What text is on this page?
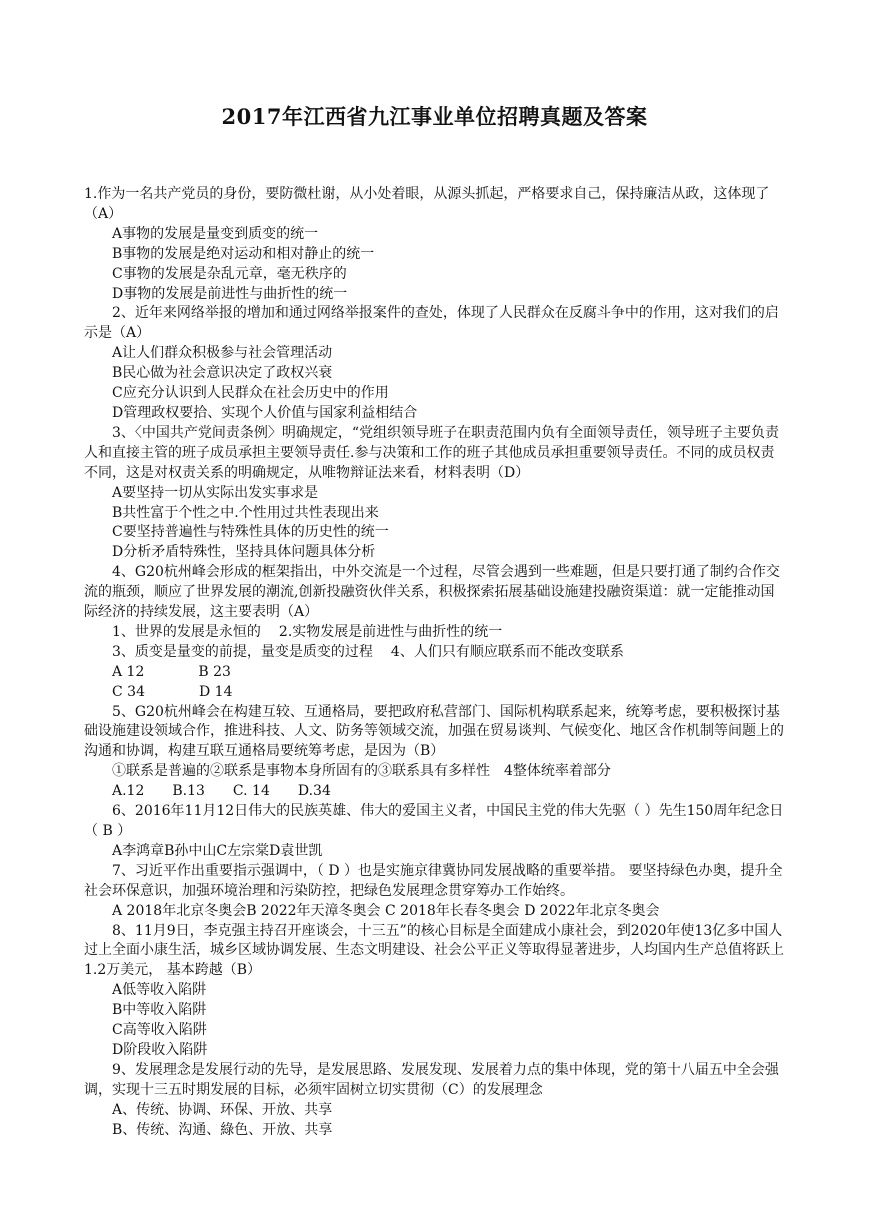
2017年江西省九江事业单位招聘真题及答案

1.作为一名共产党员的身份，要防微杜谢，从小处着眼，从源头抓起，严格要求自己，保持廉洁从政，这体现了（A）

A事物的发展是量变到质变的统一

B事物的发展是绝对运动和相对静止的统一

C事物的发展是杂乱元章，毫无秩序的

D事物的发展是前进性与曲折性的统一

2、近年来网络举报的增加和通过网络举报案件的查处，体现了人民群众在反腐斗争中的作用，这对我们的启示是（A）

A让人们群众积极参与社会管理活动

B民心做为社会意识决定了政权兴衰

C应充分认识到人民群众在社会历史中的作用

D管理政权要拾、实现个人价值与国家利益相结合

3、〈中国共产党间责条例〉明确规定，“党组织领导班子在职责范围内负有全面领导责任，领导班子主要负责人和直接主管的班子成员承担主要领导责任.参与决策和工作的班子其他成员承担重要领导责任。不同的成员权责不同，这是对权责关系的明确规定，从唯物辩证法来看，材料表明（D）

A要坚持一切从实际出发实事求是

B共性富于个性之中.个性用过共性表现出来

C要坚持普遍性与特殊性具体的历史性的统一

D分析矛盾特殊性，坚持具体问题具体分析

4、G20杭州峰会形成的框架指出，中外交流是一个过程，尽管会遇到一些难题，但是只要打通了制约合作交流的瓶颈，顺应了世界发展的潮流,创新投融资伙伴关系，积极探索拓展基础设施建投融资渠道：就一定能推动国际经济的持续发展，这主要表明（A）

1、世界的发展是永恒的 2.实物发展是前进性与曲折性的统一

3、质变是量变的前提，量变是质变的过程 4、人们只有顺应联系而不能改变联系

A 12	B 23

C 34	D 14

5、G20杭州峰会在构建互较、互通格局，要把政府私营部门、国际机构联系起来，统筹考虑，要积极探讨基础设施建设领域合作，推进科技、人文、防务等领域交流，加强在贸易谈判、气候变化、地区含作机制等间题上的沟通和协调，构建互联互通格局要统筹考虑，是因为（B）

①联系是普遍的②联系是事物本身所固有的③联系具有多样性　4整体统率着部分

A.12　　B.13　　C. 14　　D.34

6、2016年11月12日伟大的民族英雄、伟大的爱国主义者，中国民主党的伟大先驱（ ）先生150周年纪念日（ B ）

A李鸿章B孙中山C左宗棠D袁世凯

7、习近平作出重要指示强调中，（ D ）也是实施京律冀协同发展战略的重要举措。 要坚持绿色办奥，提升全社会环保意识，加强环境治理和污染防控，把绿色发展理念贯穿筹办工作始终。

A 2018年北京冬奥会B 2022年天漳冬奥会 C 2018年长春冬奥会 D 2022年北京冬奥会

8、11月9日，李克强主持召开座谈会，十三五”的核心目标是全面建成小康社会，到2020年使13亿多中国人过上全面小康生活，城乡区域协调发展、生态文明建设、社会公平正义等取得显著进步，人均国内生产总值将跃上1.2万美元， 基本跨越（B）

A低等收入陷阱

B中等收入陷阱

C高等收入陷阱

D阶段收入陷阱

9、发展理念是发展行动的先导，是发展思路、发展发现、发展着力点的集中体现，党的第十八届五中全会强调，实现十三五时期发展的目标，必须牢固树立切实贯彻（C）的发展理念

A、传统、协调、环保、开放、共享

B、传统、沟通、綠色、开放、共享
